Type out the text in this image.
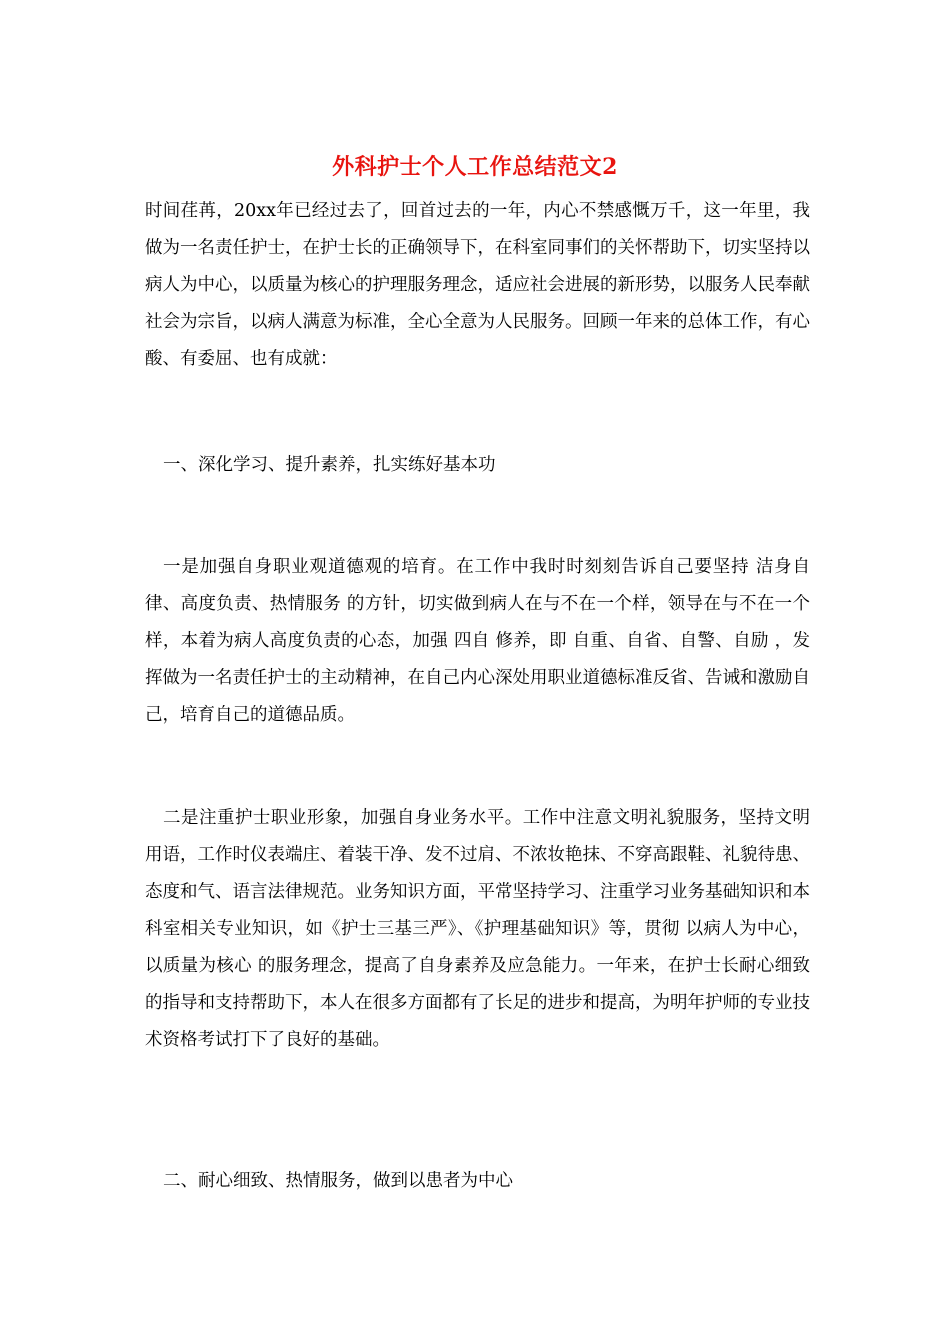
外科护士个人工作总结范文2

时间荏苒，20xx年已经过去了，回首过去的一年，内心不禁感慨万千，这一年里，我做为一名责任护士，在护士长的正确领导下，在科室同事们的关怀帮助下，切实坚持以病人为中心，以质量为核心的护理服务理念，适应社会进展的新形势，以服务人民奉献社会为宗旨，以病人满意为标准，全心全意为人民服务。回顾一年来的总体工作，有心酸、有委屈、也有成就：

一、深化学习、提升素养，扎实练好基本功

一是加强自身职业观道德观的培育。在工作中我时时刻刻告诉自己要坚持 洁身自律、高度负责、热情服务 的方针，切实做到病人在与不在一个样，领导在与不在一个样，本着为病人高度负责的心态，加强 四自 修养，即 自重、自省、自警、自励 ，发挥做为一名责任护士的主动精神，在自己内心深处用职业道德标准反省、告诫和激励自己，培育自己的道德品质。

二是注重护士职业形象，加强自身业务水平。工作中注意文明礼貌服务，坚持文明用语，工作时仪表端庄、着装干净、发不过肩、不浓妆艳抹、不穿高跟鞋、礼貌待患、态度和气、语言法律规范。业务知识方面，平常坚持学习、注重学习业务基础知识和本科室相关专业知识，如《护士三基三严》、《护理基础知识》等，贯彻 以病人为中心，以质量为核心 的服务理念，提高了自身素养及应急能力。一年来，在护士长耐心细致的指导和支持帮助下，本人在很多方面都有了长足的进步和提高，为明年护师的专业技术资格考试打下了良好的基础。

二、耐心细致、热情服务，做到以患者为中心
